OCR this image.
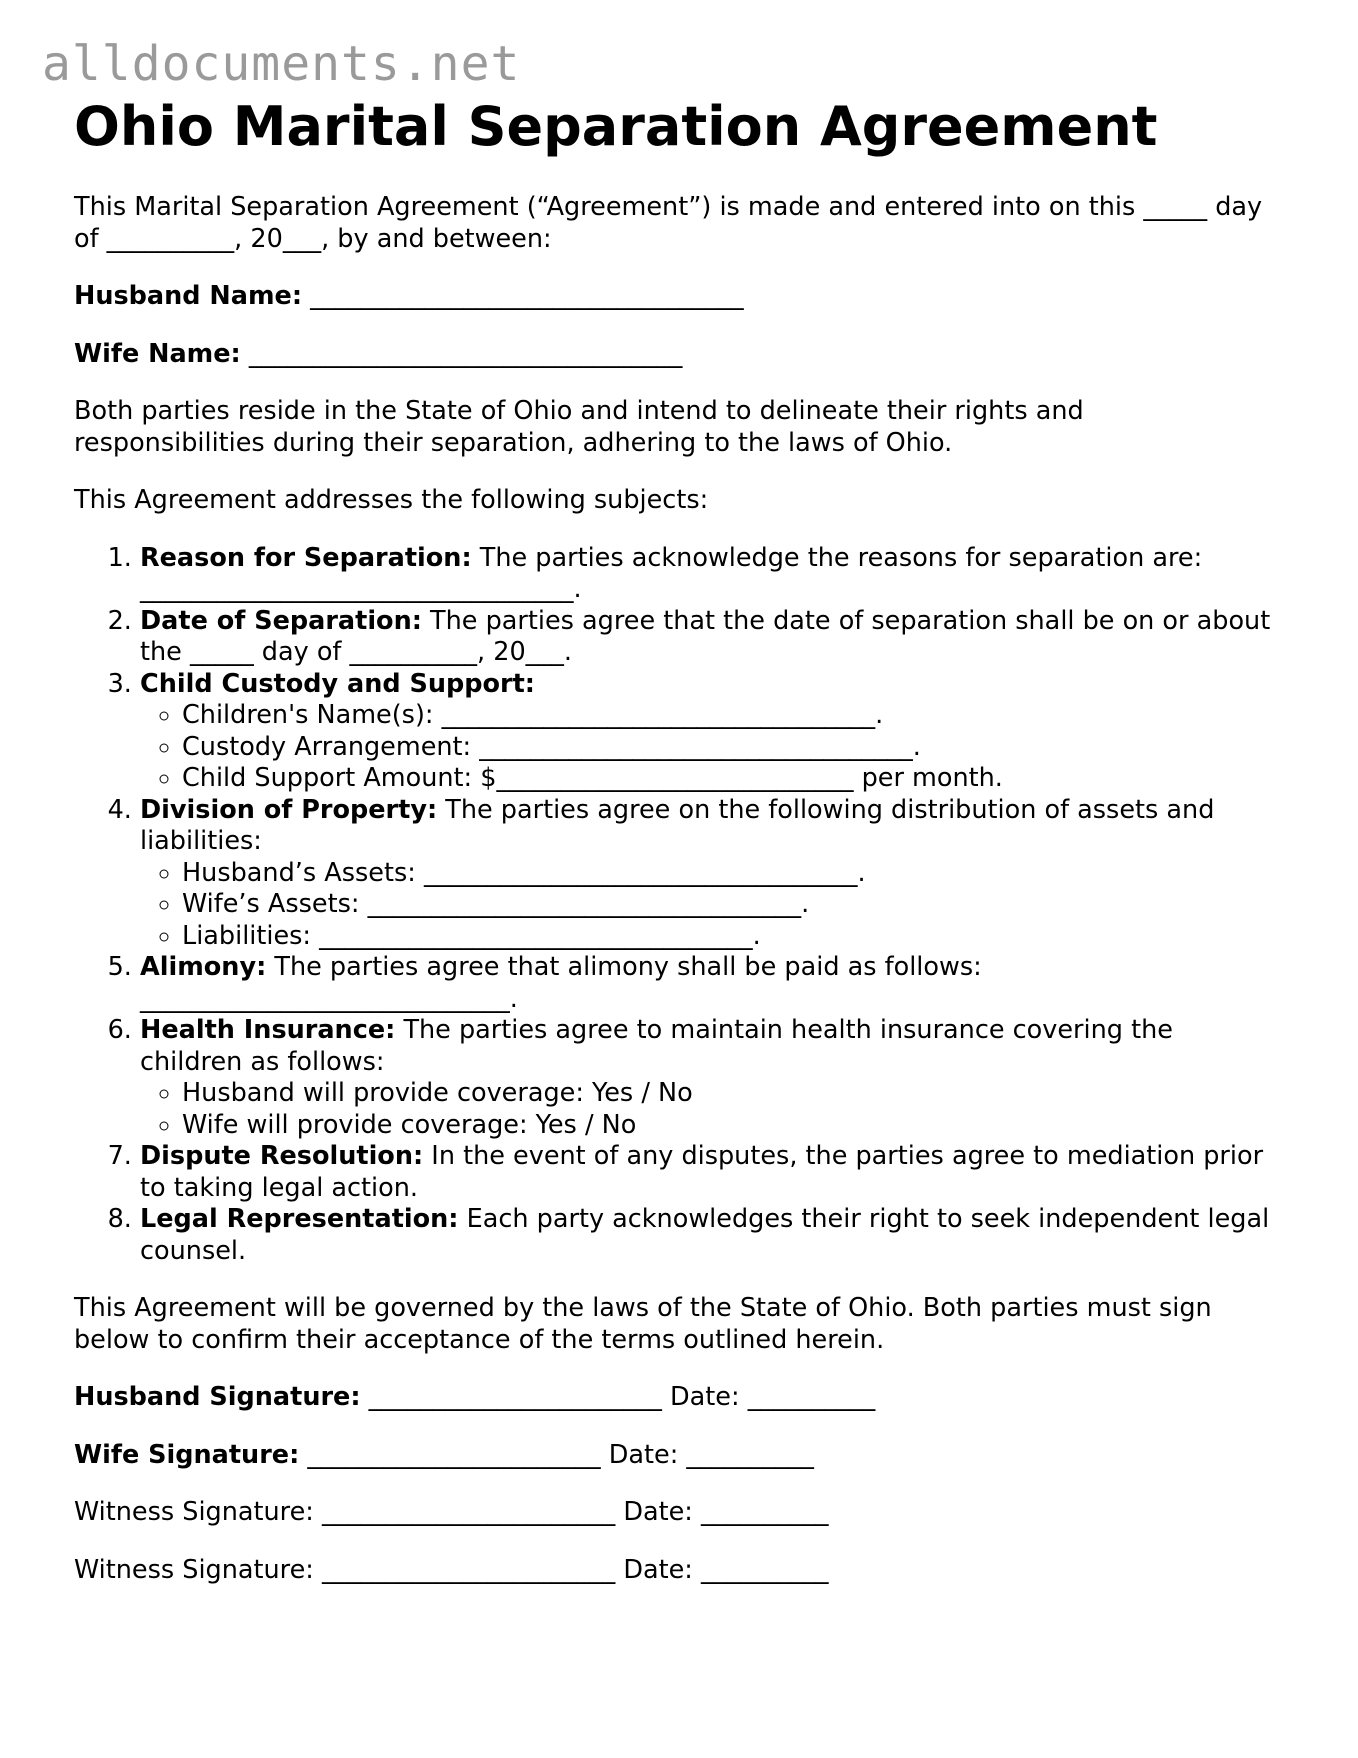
alldocuments.net
Ohio Marital Separation Agreement

This Marital Separation Agreement (“Agreement”) is made and entered into on this _____ day of __________, 20___, by and between:

Husband Name: __________________________________

Wife Name: __________________________________

Both parties reside in the State of Ohio and intend to delineate their rights and responsibilities during their separation, adhering to the laws of Ohio.

This Agreement addresses the following subjects:

1. Reason for Separation: The parties acknowledge the reasons for separation are: __________________________________.
2. Date of Separation: The parties agree that the date of separation shall be on or about the _____ day of __________, 20___.
3. Child Custody and Support:
◦ Children's Name(s): __________________________________.
◦ Custody Arrangement: __________________________________.
◦ Child Support Amount: $____________________________ per month.
4. Division of Property: The parties agree on the following distribution of assets and liabilities:
◦ Husband’s Assets: __________________________________.
◦ Wife’s Assets: __________________________________.
◦ Liabilities: __________________________________.
5. Alimony: The parties agree that alimony shall be paid as follows: _____________________________.
6. Health Insurance: The parties agree to maintain health insurance covering the children as follows:
◦ Husband will provide coverage: Yes / No
◦ Wife will provide coverage: Yes / No
7. Dispute Resolution: In the event of any disputes, the parties agree to mediation prior to taking legal action.
8. Legal Representation: Each party acknowledges their right to seek independent legal counsel.

This Agreement will be governed by the laws of the State of Ohio. Both parties must sign below to confirm their acceptance of the terms outlined herein.

Husband Signature: _______________________ Date: __________
Wife Signature: _______________________ Date: __________
Witness Signature: _______________________ Date: __________
Witness Signature: _______________________ Date: __________
